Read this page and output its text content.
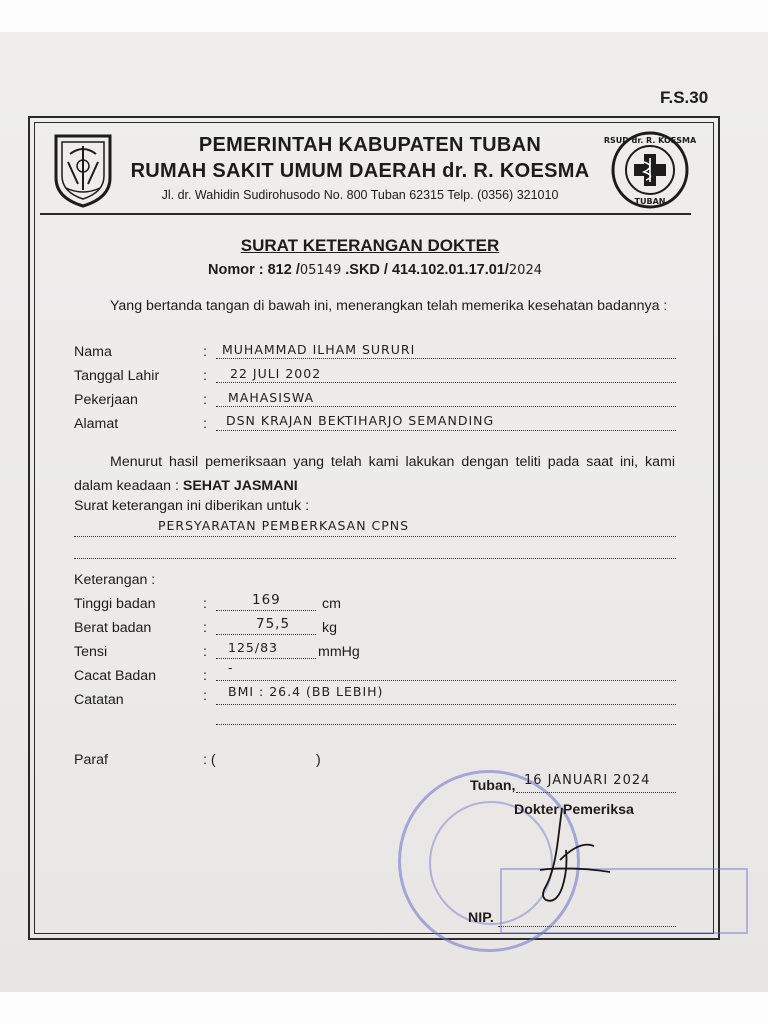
F.S.30
RSUD dr. R. KOESMA
TUBAN
PEMERINTAH KABUPATEN TUBAN
RUMAH SAKIT UMUM DAERAH dr. R. KOESMA
Jl. dr. Wahidin Sudirohusodo No. 800 Tuban 62315 Telp. (0356) 321010
SURAT KETERANGAN DOKTER
Nomor : 812 /05149 .SKD / 414.102.01.17.01/2024
Yang bertanda tangan di bawah ini, menerangkan telah memerika kesehatan badannya :
Nama	: MUHAMMAD ILHAM SURURI
Tanggal Lahir	: 22 JULI 2002
Pekerjaan	: MAHASISWA
Alamat	: DSN KRAJAN BEKTIHARJO SEMANDING
Menurut hasil pemeriksaan yang telah kami lakukan dengan teliti pada saat ini, kami dalam keadaan : SEHAT JASMANI
Surat keterangan ini diberikan untuk :
PERSYARATAN PEMBERKASAN CPNS
Keterangan :
Tinggi badan	:	169	cm
Berat badan	:	75,5 kg
Tensi	: 125/83	mmHg
Cacat Badan	:
-
Catatan	: BMI : 26.4 (BB LEBIH)
Paraf	: (	)
Tuban, 16 JANUARI 2024
Dokter Pemeriksa
NIP.
